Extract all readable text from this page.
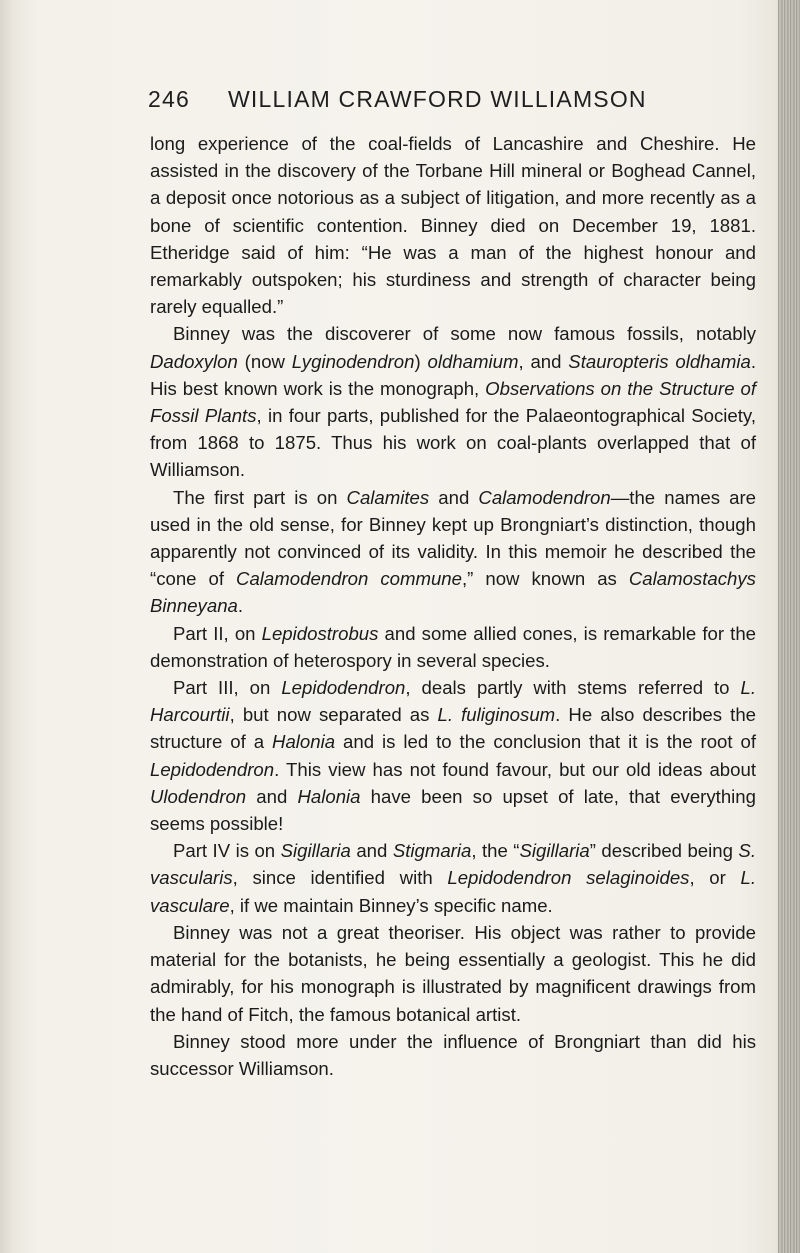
246 WILLIAM CRAWFORD WILLIAMSON

long experience of the coal-fields of Lancashire and Cheshire. He assisted in the discovery of the Torbane Hill mineral or Boghead Cannel, a deposit once notorious as a subject of litigation, and more recently as a bone of scientific contention. Binney died on December 19, 1881. Etheridge said of him: “He was a man of the highest honour and remarkably outspoken; his sturdiness and strength of character being rarely equalled.”

Binney was the discoverer of some now famous fossils, notably Dadoxylon (now Lyginodendron) oldhamium, and Stauropteris oldhamia. His best known work is the monograph, Observations on the Structure of Fossil Plants, in four parts, published for the Palaeontographical Society, from 1868 to 1875. Thus his work on coal-plants overlapped that of Williamson.

The first part is on Calamites and Calamodendron—the names are used in the old sense, for Binney kept up Brongniart’s distinction, though apparently not convinced of its validity. In this memoir he described the “cone of Calamodendron commune,” now known as Calamostachys Binneyana.

Part II, on Lepidostrobus and some allied cones, is remarkable for the demonstration of heterospory in several species.

Part III, on Lepidodendron, deals partly with stems referred to L. Harcourtii, but now separated as L. fuliginosum. He also describes the structure of a Halonia and is led to the conclusion that it is the root of Lepidodendron. This view has not found favour, but our old ideas about Ulodendron and Halonia have been so upset of late, that everything seems possible!

Part IV is on Sigillaria and Stigmaria, the “Sigillaria” described being S. vascularis, since identified with Lepidodendron selaginoides, or L. vasculare, if we maintain Binney’s specific name.

Binney was not a great theoriser. His object was rather to provide material for the botanists, he being essentially a geologist. This he did admirably, for his monograph is illustrated by magnificent drawings from the hand of Fitch, the famous botanical artist.

Binney stood more under the influence of Brongniart than did his successor Williamson.
